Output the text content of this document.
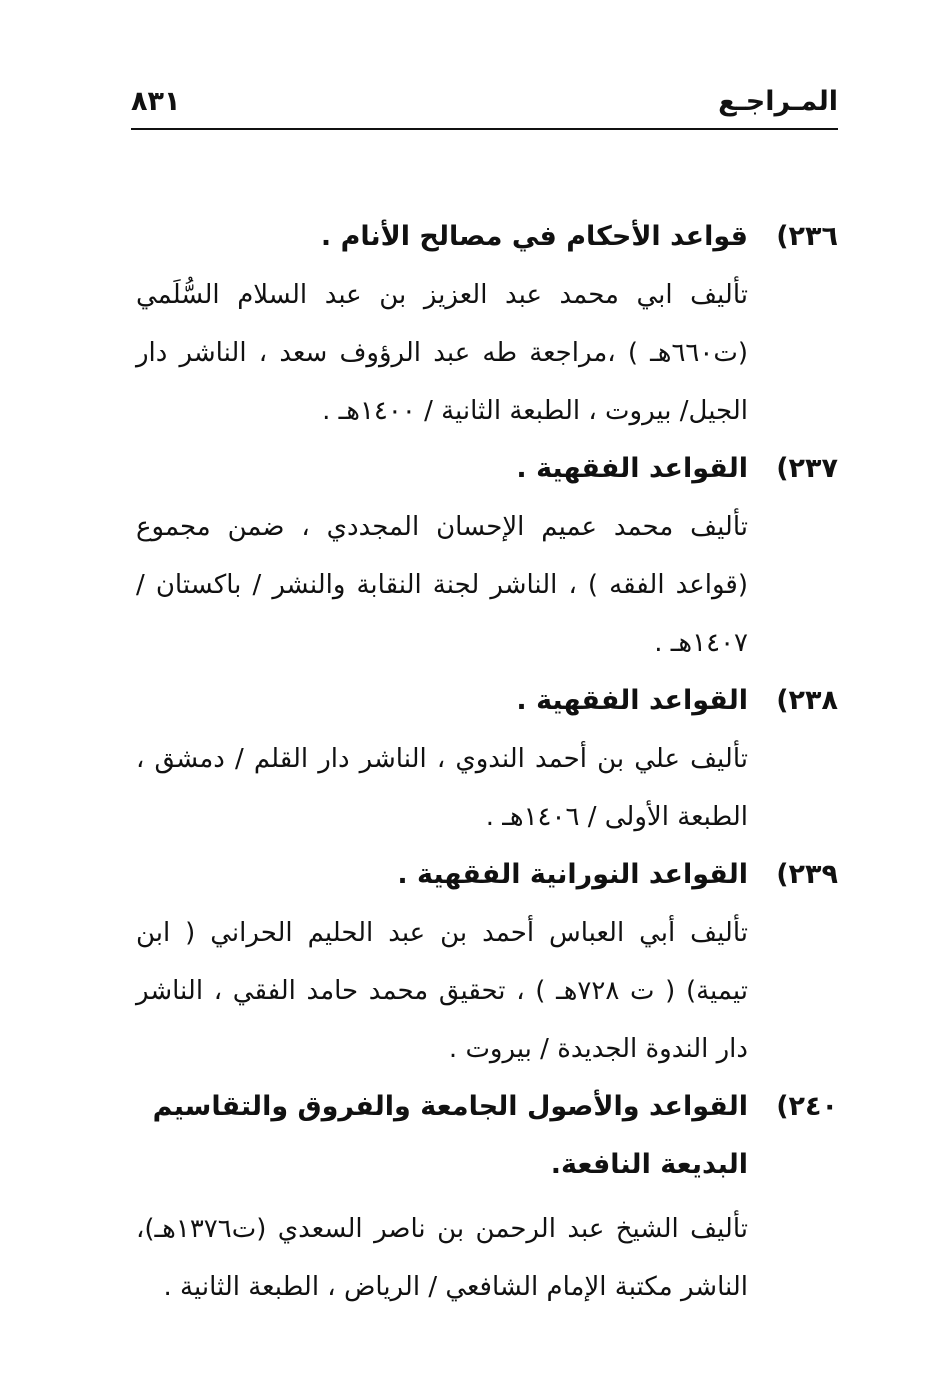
المـراجـع
٨٣١
٢٣٦)
قواعد الأحكام في مصالح الأنام .
تأليف ابي محمد عبد العزيز بن عبد السلام السُّلَمي (ت٦٦٠هـ ) ،مراجعة طه عبد الرؤوف سعد ، الناشر دار الجيل/ بيروت ، الطبعة الثانية / ١٤٠٠هـ .
٢٣٧)
القواعد الفقهية .
تأليف محمد عميم الإحسان المجددي ، ضمن مجموع (قواعد الفقه ) ، الناشر لجنة النقابة والنشر / باكستان / ١٤٠٧هـ .
٢٣٨)
القواعد الفقهية .
تأليف علي بن أحمد الندوي ، الناشر دار القلم / دمشق ، الطبعة الأولى / ١٤٠٦هـ .
٢٣٩)
القواعد النورانية الفقهية .
تأليف أبي العباس أحمد بن عبد الحليم الحراني ( ابن تيمية) ( ت ٧٢٨هـ ) ، تحقيق محمد حامد الفقي ، الناشر دار الندوة الجديدة / بيروت .
٢٤٠)
القواعد والأصول الجامعة والفروق والتقاسيم البديعة النافعة.
تأليف الشيخ عبد الرحمن بن ناصر السعدي (ت١٣٧٦هـ)، الناشر مكتبة الإمام الشافعي / الرياض ، الطبعة الثانية .
